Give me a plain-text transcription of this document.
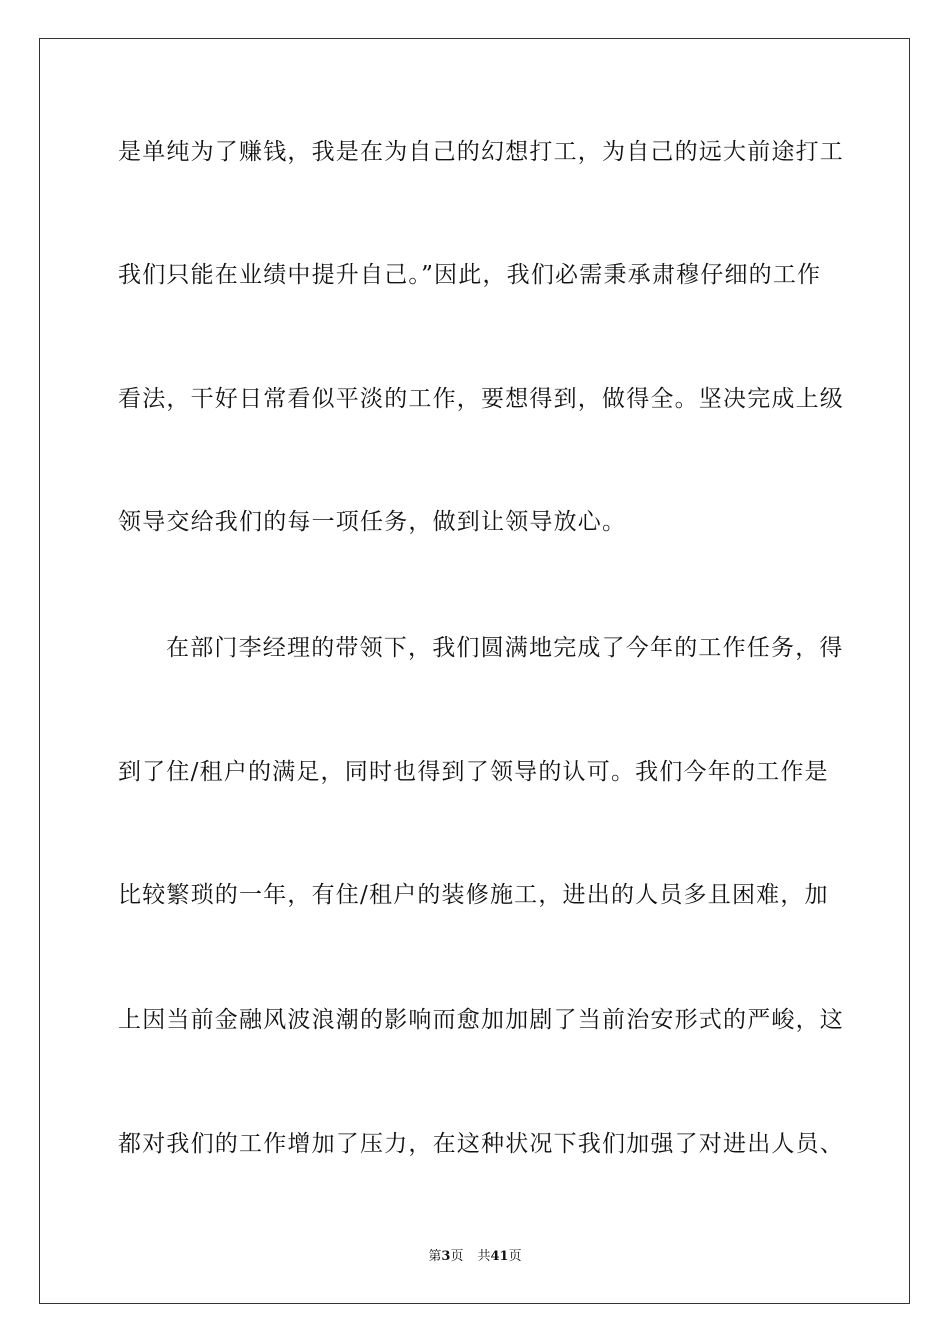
是单纯为了赚钱，我是在为自己的幻想打工，为自己的远大前途打工
我们只能在业绩中提升自己。”因此，我们必需秉承肃穆仔细的工作
看法，干好日常看似平淡的工作，要想得到，做得全。坚决完成上级
领导交给我们的每一项任务，做到让领导放心。
在部门李经理的带领下，我们圆满地完成了今年的工作任务，得
到了住/租户的满足，同时也得到了领导的认可。我们今年的工作是
比较繁琐的一年，有住/租户的装修施工，进出的人员多且困难，加
上因当前金融风波浪潮的影响而愈加加剧了当前治安形式的严峻，这
都对我们的工作增加了压力，在这种状况下我们加强了对进出人员、
第3页 共41页
